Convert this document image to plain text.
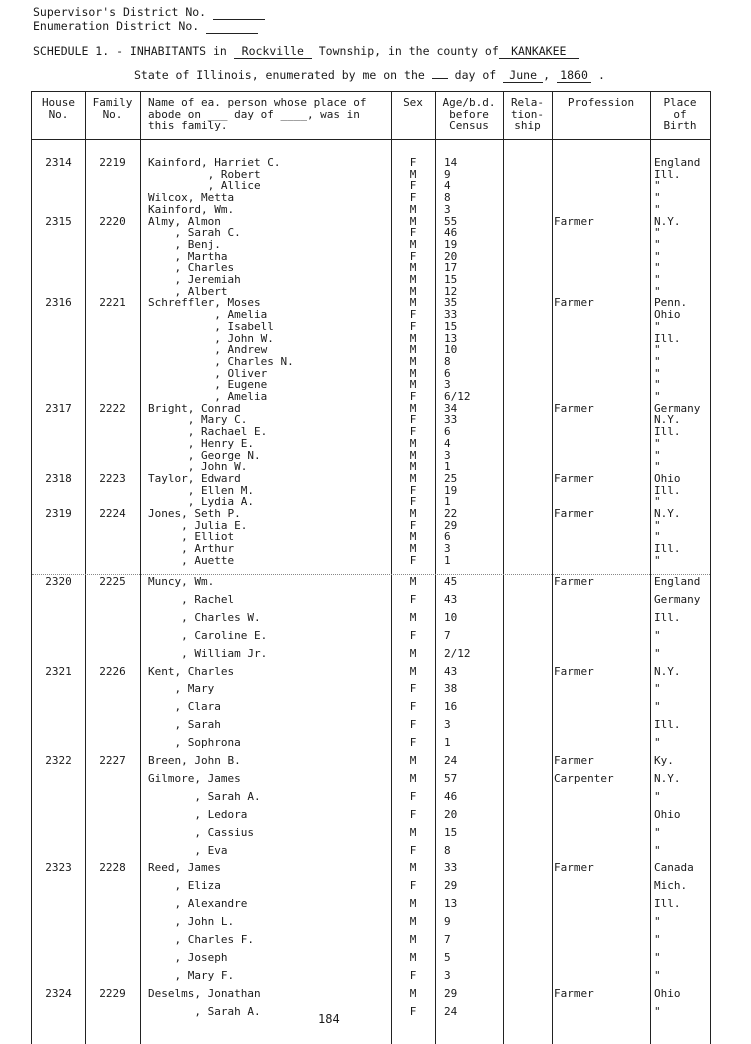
Supervisor's District No.
Enumeration District No.
SCHEDULE 1. - INHABITANTS in Rockville Township, in the county of KANKAKEE
State of Illinois, enumerated by me on the	day of June , 1860 .
House
No.
Family
No.
Name of ea. person whose place of
abode on ___ day of ____, was in
this family.
Sex	Age/b.d.
before
Census
Rela-
tion-
ship
Profession	Place
of
Birth
2314	2219	Kainford, Harriet C.	F	14	England
, Robert	M	9	Ill.
, Allice	F	4	"
Wilcox, Metta	F	8	"
Kainford, Wm.	M	3	"
2315	2220	Almy, Almon	M	55	Farmer	N.Y.
, Sarah C.	F	46	"
, Benj.	M	19	"
, Martha	F	20	"
, Charles	M	17	"
, Jeremiah	M	15	"
, Albert	M	12	"
2316	2221	Schreffler, Moses	M	35	Farmer	Penn.
, Amelia	F	33	Ohio
, Isabell	F	15	"
, John W.	M	13	Ill.
, Andrew	M	10	"
, Charles N.	M	8	"
, Oliver	M	6	"
, Eugene	M	3	"
, Amelia	F	6/12	"
2317	2222	Bright, Conrad	M	34	Farmer	Germany
, Mary C.	F	33	N.Y.
, Rachael E.	F	6	Ill.
, Henry E.	M	4	"
, George N.	M	3	"
, John W.	M	1	"
2318	2223	Taylor, Edward	M	25	Farmer	Ohio
, Ellen M.	F	19	Ill.
, Lydia A.	F	1	"
2319	2224	Jones, Seth P.	M	22	Farmer	N.Y.
, Julia E.	F	29	"
, Elliot	M	6	"
, Arthur	M	3	Ill.
, Auette	F	1	"
2320	2225	Muncy, Wm.	M	45	Farmer	England
, Rachel	F	43	Germany
, Charles W.	M	10	Ill.
, Caroline E.	F	7	"
, William Jr.	M	2/12	"
2321	2226	Kent, Charles	M	43	Farmer	N.Y.
, Mary	F	38	"
, Clara	F	16	"
, Sarah	F	3	Ill.
, Sophrona	F	1	"
2322	2227	Breen, John B.	M	24	Farmer	Ky.
Gilmore, James	M	57	Carpenter	N.Y.
, Sarah A.	F	46	"
, Ledora	F	20	Ohio
, Cassius	M	15	"
, Eva	F	8	"
2323	2228	Reed, James	M	33	Farmer	Canada
, Eliza	F	29	Mich.
, Alexandre	M	13	Ill.
, John L.	M	9	"
, Charles F.	M	7	"
, Joseph	M	5	"
, Mary F.	F	3	"
2324	2229	Deselms, Jonathan	M	29	Farmer	Ohio
, Sarah A.	F	24	"
184
